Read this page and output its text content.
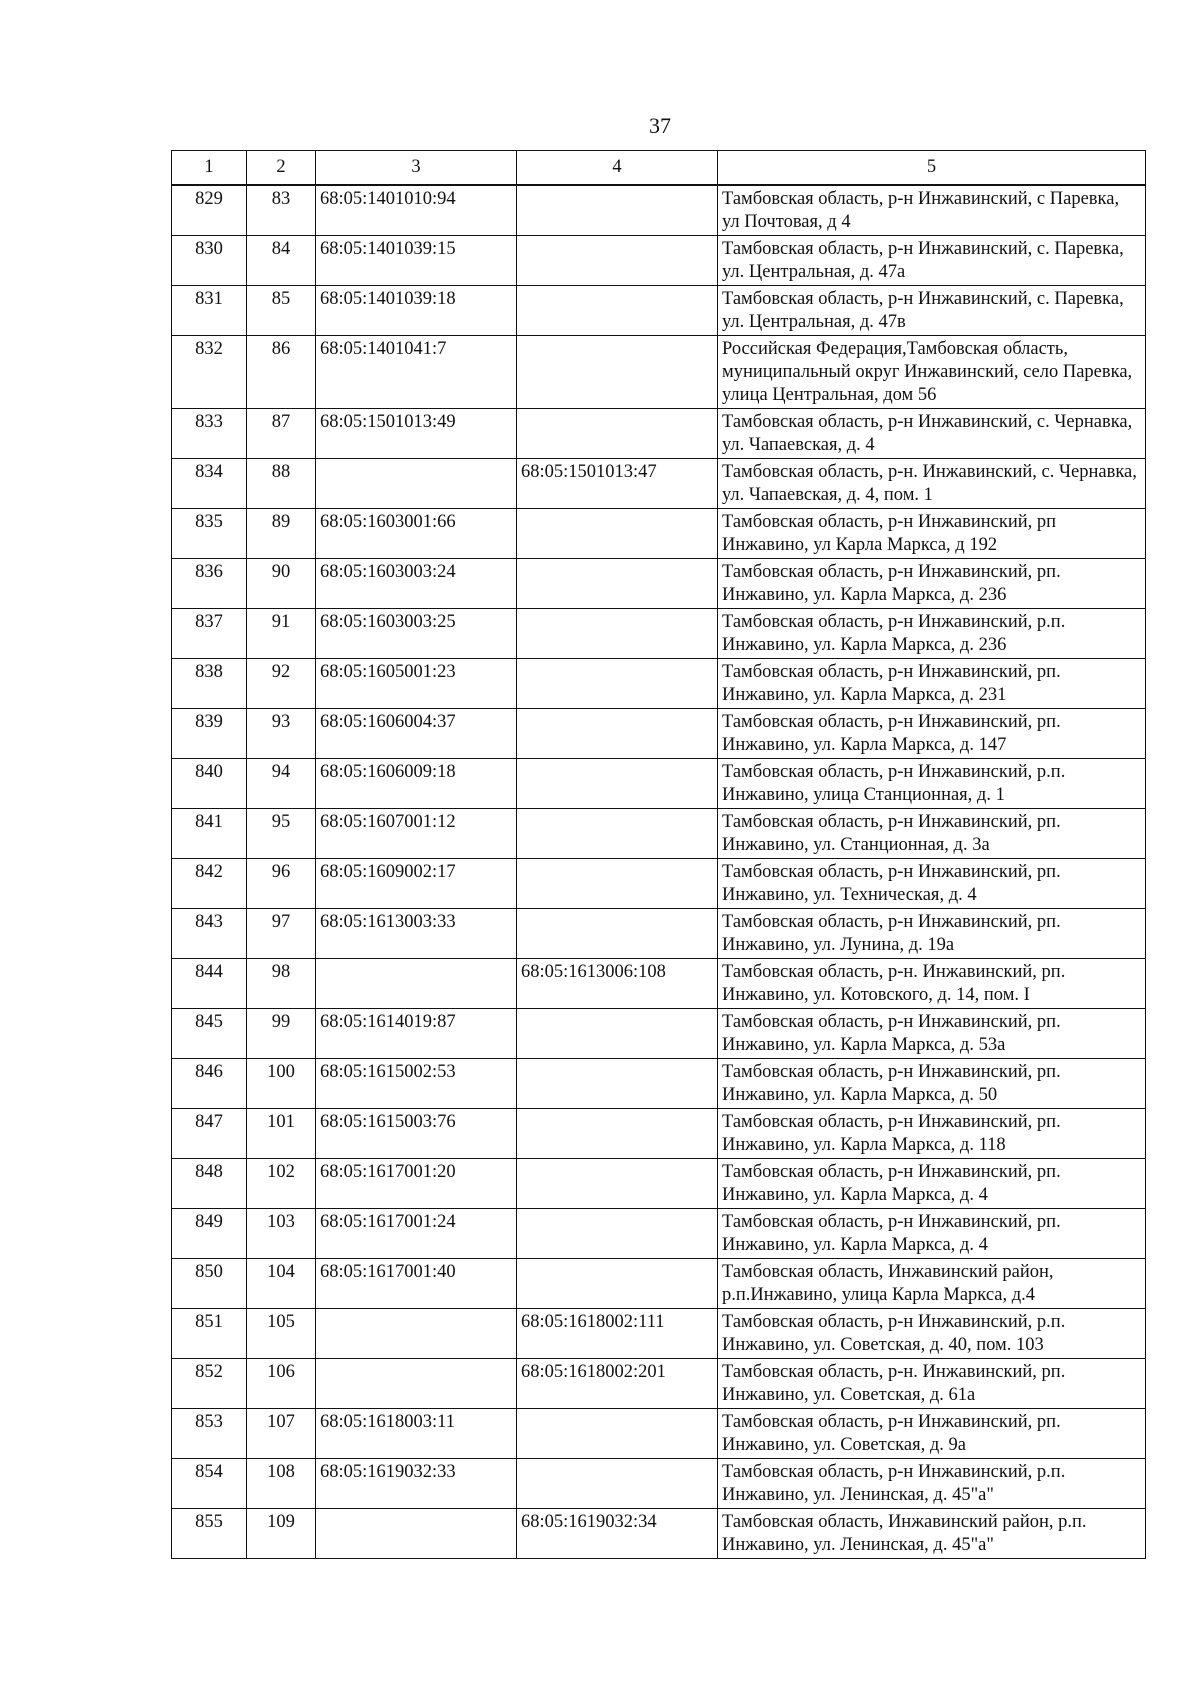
37
1	2	3	4	5
829	83	68:05:1401010:94		Тамбовская область, р-н Инжавинский, с Паревка, ул Почтовая, д 4
830	84	68:05:1401039:15		Тамбовская область, р-н Инжавинский, с. Паревка, ул. Центральная, д. 47а
831	85	68:05:1401039:18		Тамбовская область, р-н Инжавинский, с. Паревка, ул. Центральная, д. 47в
832	86	68:05:1401041:7		Российская Федерация,Тамбовская область, муниципальный округ Инжавинский, село Паревка, улица Центральная, дом 56
833	87	68:05:1501013:49		Тамбовская область, р-н Инжавинский, с. Чернавка, ул. Чапаевская, д. 4
834	88		68:05:1501013:47	Тамбовская область, р-н. Инжавинский, с. Чернавка, ул. Чапаевская, д. 4, пом. 1
835	89	68:05:1603001:66		Тамбовская область, р-н Инжавинский, рп Инжавино, ул Карла Маркса, д 192
836	90	68:05:1603003:24		Тамбовская область, р-н Инжавинский, рп. Инжавино, ул. Карла Маркса, д. 236
837	91	68:05:1603003:25		Тамбовская область, р-н Инжавинский, р.п. Инжавино, ул. Карла Маркса, д. 236
838	92	68:05:1605001:23		Тамбовская область, р-н Инжавинский, рп. Инжавино, ул. Карла Маркса, д. 231
839	93	68:05:1606004:37		Тамбовская область, р-н Инжавинский, рп. Инжавино, ул. Карла Маркса, д. 147
840	94	68:05:1606009:18		Тамбовская область, р-н Инжавинский, р.п. Инжавино, улица Станционная, д. 1
841	95	68:05:1607001:12		Тамбовская область, р-н Инжавинский, рп. Инжавино, ул. Станционная, д. 3а
842	96	68:05:1609002:17		Тамбовская область, р-н Инжавинский, рп. Инжавино, ул. Техническая, д. 4
843	97	68:05:1613003:33		Тамбовская область, р-н Инжавинский, рп. Инжавино, ул. Лунина, д. 19а
844	98		68:05:1613006:108	Тамбовская область, р-н. Инжавинский, рп. Инжавино, ул. Котовского, д. 14, пом. I
845	99	68:05:1614019:87		Тамбовская область, р-н Инжавинский, рп. Инжавино, ул. Карла Маркса, д. 53а
846	100	68:05:1615002:53		Тамбовская область, р-н Инжавинский, рп. Инжавино, ул. Карла Маркса, д. 50
847	101	68:05:1615003:76		Тамбовская область, р-н Инжавинский, рп. Инжавино, ул. Карла Маркса, д. 118
848	102	68:05:1617001:20		Тамбовская область, р-н Инжавинский, рп. Инжавино, ул. Карла Маркса, д. 4
849	103	68:05:1617001:24		Тамбовская область, р-н Инжавинский, рп. Инжавино, ул. Карла Маркса, д. 4
850	104	68:05:1617001:40		Тамбовская область, Инжавинский район, р.п.Инжавино, улица Карла Маркса, д.4
851	105		68:05:1618002:111	Тамбовская область, р-н Инжавинский, р.п. Инжавино, ул. Советская, д. 40, пом. 103
852	106		68:05:1618002:201	Тамбовская область, р-н. Инжавинский, рп. Инжавино, ул. Советская, д. 61а
853	107	68:05:1618003:11		Тамбовская область, р-н Инжавинский, рп. Инжавино, ул. Советская, д. 9а
854	108	68:05:1619032:33		Тамбовская область, р-н Инжавинский, р.п. Инжавино, ул. Ленинская, д. 45"а"
855	109		68:05:1619032:34	Тамбовская область, Инжавинский район, р.п. Инжавино, ул. Ленинская, д. 45"а"
